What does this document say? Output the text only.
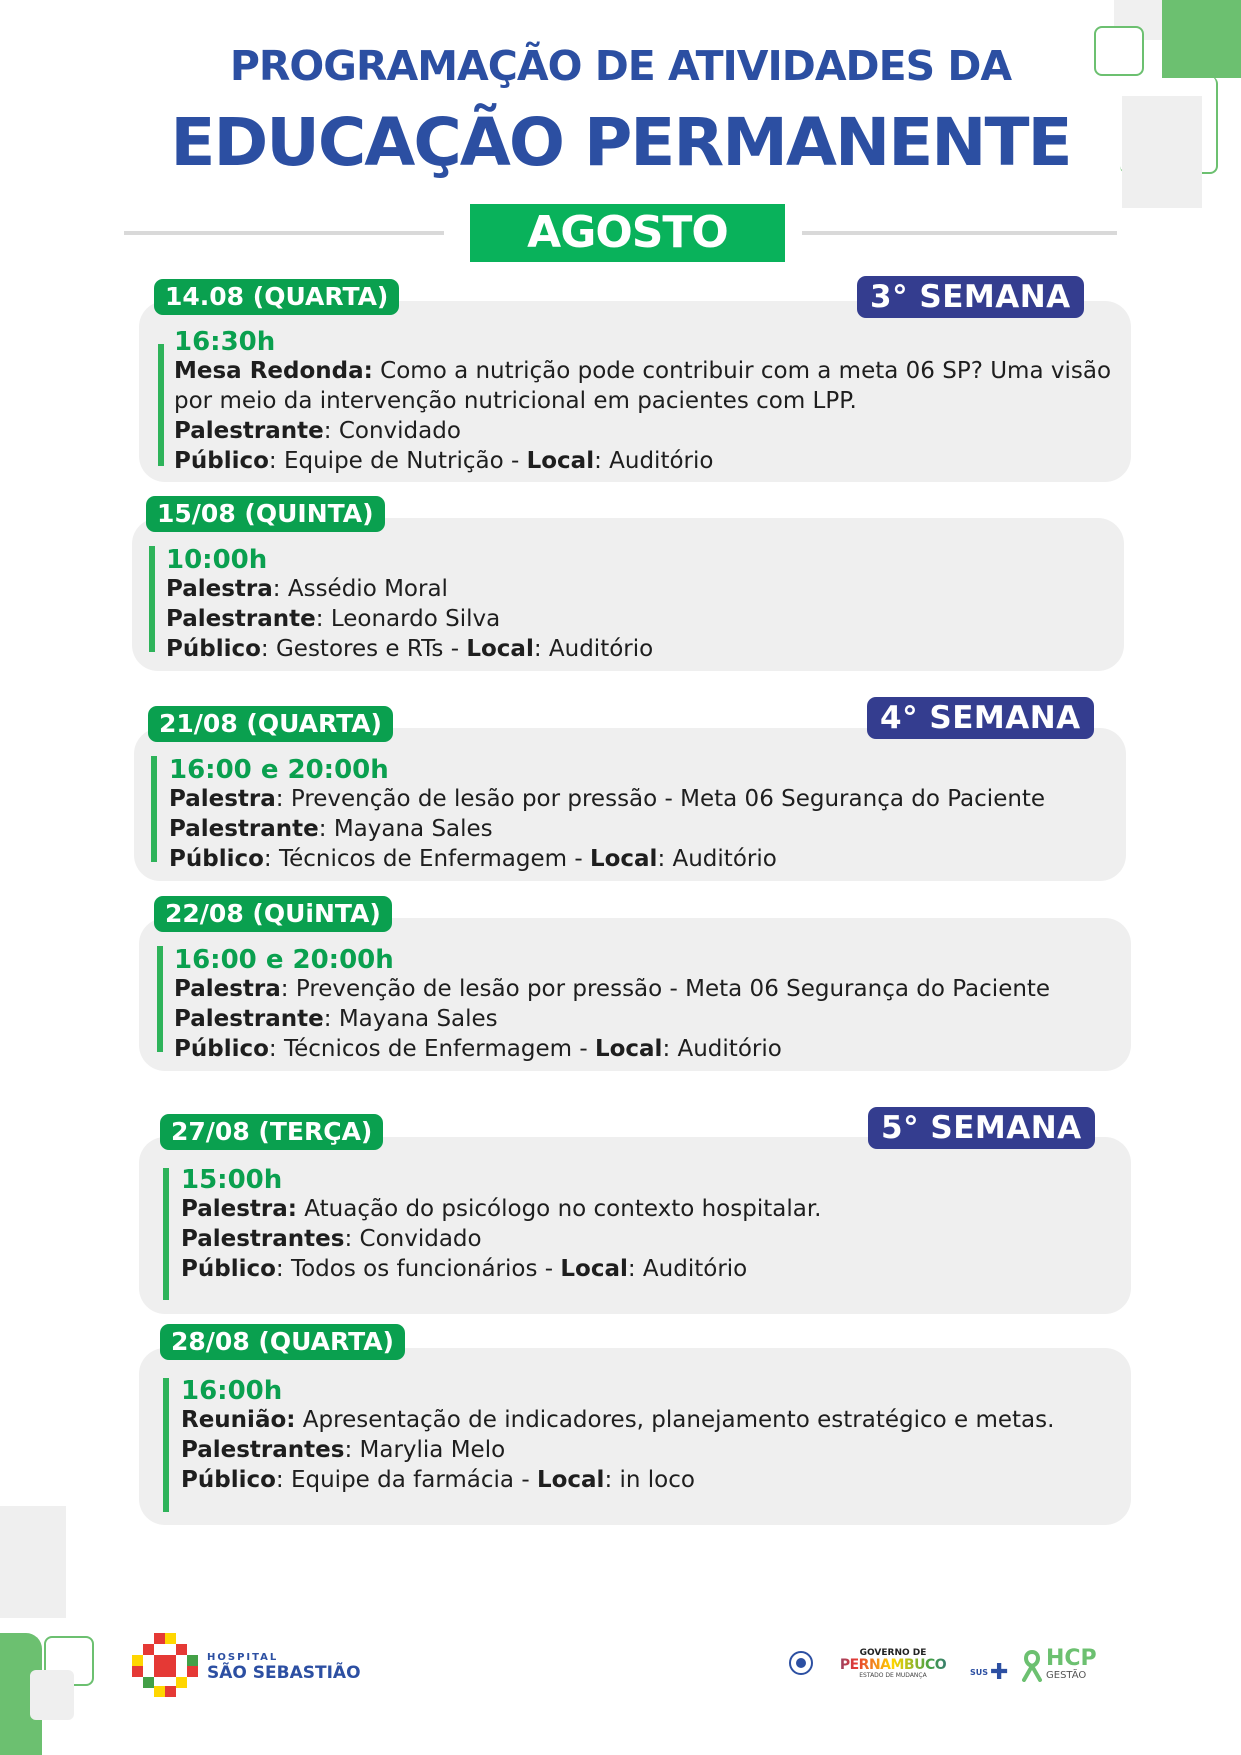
PROGRAMAÇÃO DE ATIVIDADES DA
EDUCAÇÃO PERMANENTE
AGOSTO
14.08 (QUARTA)	3° SEMANA
16:30h
Mesa Redonda: Como a nutrição pode contribuir com a meta 06 SP? Uma visão
por meio da intervenção nutricional em pacientes com LPP.
Palestrante: Convidado
Público: Equipe de Nutrição - Local: Auditório
15/08 (QUINTA)
10:00h
Palestra: Assédio Moral
Palestrante: Leonardo Silva
Público: Gestores e RTs - Local: Auditório
21/08 (QUARTA)	4° SEMANA
16:00 e 20:00h
Palestra: Prevenção de lesão por pressão - Meta 06 Segurança do Paciente
Palestrante: Mayana Sales
Público: Técnicos de Enfermagem - Local: Auditório
22/08 (QUiNTA)
16:00 e 20:00h
Palestra: Prevenção de lesão por pressão - Meta 06 Segurança do Paciente
Palestrante: Mayana Sales
Público: Técnicos de Enfermagem - Local: Auditório
27/08 (TERÇA)	5° SEMANA
15:00h
Palestra: Atuação do psicólogo no contexto hospitalar.
Palestrantes: Convidado
Público: Todos os funcionários - Local: Auditório
28/08 (QUARTA)
16:00h
Reunião: Apresentação de indicadores, planejamento estratégico e metas.
Palestrantes: Marylia Melo
Público: Equipe da farmácia - Local: in loco
HOSPITAL
SÃO SEBASTIÃO
GOVERNO DE
PERNAMBUCO
ESTADO DE MUDANÇA	SUS ✚
HCP
GESTÃO
